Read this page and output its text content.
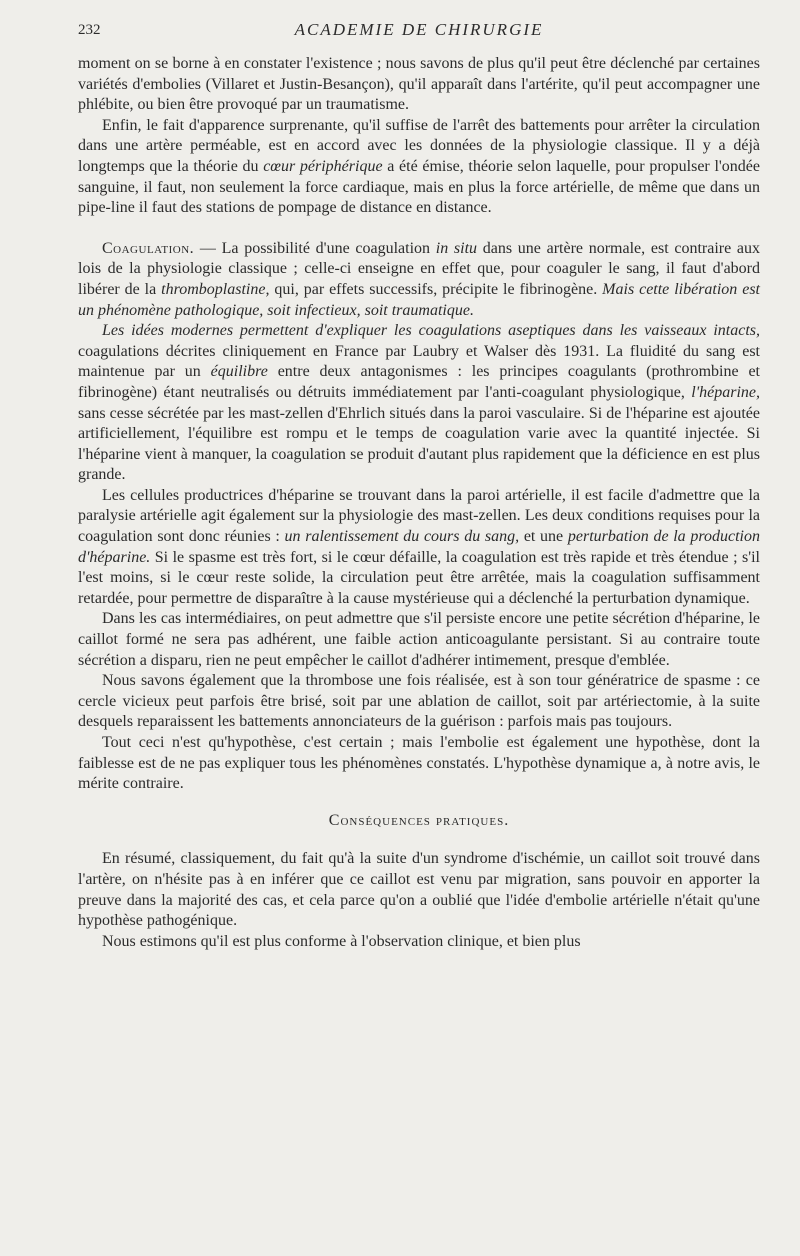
232	ACADEMIE DE CHIRURGIE

moment on se borne à en constater l'existence ; nous savons de plus qu'il peut être déclenché par certaines variétés d'embolies (Villaret et Justin-Besançon), qu'il apparaît dans l'artérite, qu'il peut accompagner une phlébite, ou bien être provoqué par un traumatisme.

Enfin, le fait d'apparence surprenante, qu'il suffise de l'arrêt des battements pour arrêter la circulation dans une artère perméable, est en accord avec les données de la physiologie classique. Il y a déjà longtemps que la théorie du cœur périphérique a été émise, théorie selon laquelle, pour propulser l'ondée sanguine, il faut, non seulement la force cardiaque, mais en plus la force artérielle, de même que dans un pipe-line il faut des stations de pompage de distance en distance.

Coagulation. — La possibilité d'une coagulation in situ dans une artère normale, est contraire aux lois de la physiologie classique ; celle-ci enseigne en effet que, pour coaguler le sang, il faut d'abord libérer de la thromboplastine, qui, par effets successifs, précipite le fibrinogène. Mais cette libération est un phénomène pathologique, soit infectieux, soit traumatique.

Les idées modernes permettent d'expliquer les coagulations aseptiques dans les vaisseaux intacts, coagulations décrites cliniquement en France par Laubry et Walser dès 1931. La fluidité du sang est maintenue par un équilibre entre deux antagonismes : les principes coagulants (prothrombine et fibrinogène) étant neutralisés ou détruits immédiatement par l'anti-coagulant physiologique, l'héparine, sans cesse sécrétée par les mast-zellen d'Ehrlich situés dans la paroi vasculaire. Si de l'héparine est ajoutée artificiellement, l'équilibre est rompu et le temps de coagulation varie avec la quantité injectée. Si l'héparine vient à manquer, la coagulation se produit d'autant plus rapidement que la déficience en est plus grande.

Les cellules productrices d'héparine se trouvant dans la paroi artérielle, il est facile d'admettre que la paralysie artérielle agit également sur la physiologie des mast-zellen. Les deux conditions requises pour la coagulation sont donc réunies : un ralentissement du cours du sang, et une perturbation de la production d'héparine. Si le spasme est très fort, si le cœur défaille, la coagulation est très rapide et très étendue ; s'il l'est moins, si le cœur reste solide, la circulation peut être arrêtée, mais la coagulation suffisamment retardée, pour permettre de disparaître à la cause mystérieuse qui a déclenché la perturbation dynamique.

Dans les cas intermédiaires, on peut admettre que s'il persiste encore une petite sécrétion d'héparine, le caillot formé ne sera pas adhérent, une faible action anticoagulante persistant. Si au contraire toute sécrétion a disparu, rien ne peut empêcher le caillot d'adhérer intimement, presque d'emblée.

Nous savons également que la thrombose une fois réalisée, est à son tour génératrice de spasme : ce cercle vicieux peut parfois être brisé, soit par une ablation de caillot, soit par artériectomie, à la suite desquels reparaissent les battements annonciateurs de la guérison : parfois mais pas toujours.

Tout ceci n'est qu'hypothèse, c'est certain ; mais l'embolie est également une hypothèse, dont la faiblesse est de ne pas expliquer tous les phénomènes constatés. L'hypothèse dynamique a, à notre avis, le mérite contraire.

Conséquences pratiques.

En résumé, classiquement, du fait qu'à la suite d'un syndrome d'ischémie, un caillot soit trouvé dans l'artère, on n'hésite pas à en inférer que ce caillot est venu par migration, sans pouvoir en apporter la preuve dans la majorité des cas, et cela parce qu'on a oublié que l'idée d'embolie artérielle n'était qu'une hypothèse pathogénique.

Nous estimons qu'il est plus conforme à l'observation clinique, et bien plus
